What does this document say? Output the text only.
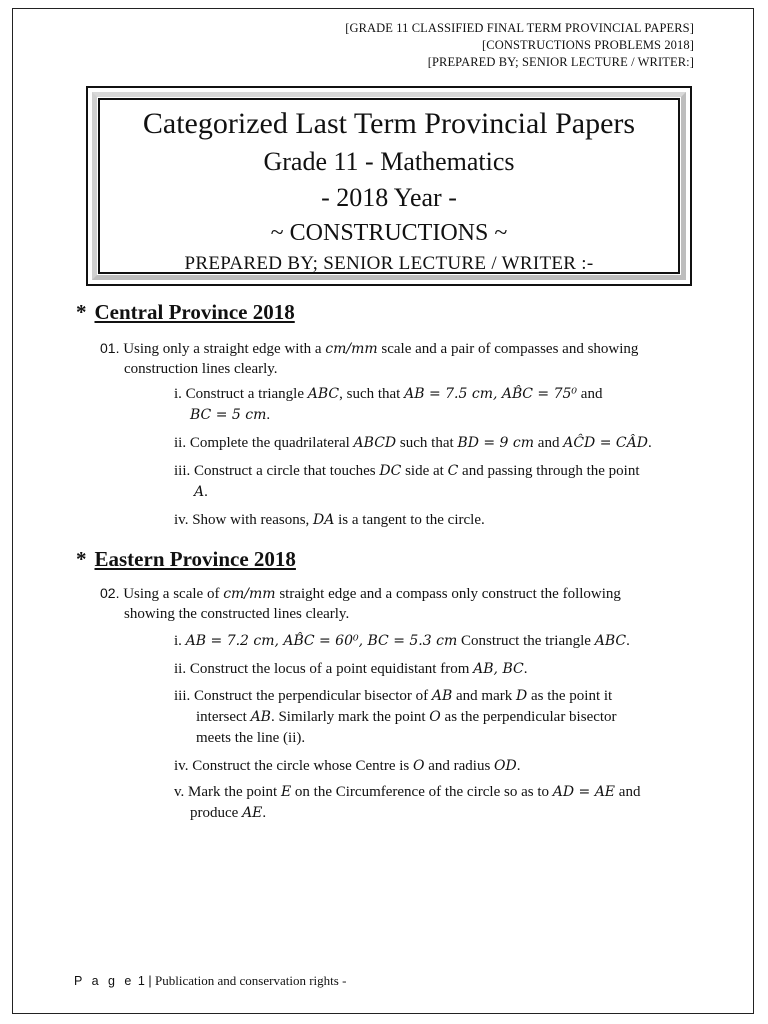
[GRADE 11 CLASSIFIED FINAL TERM PROVINCIAL PAPERS]
[CONSTRUCTIONS PROBLEMS 2018]
[PREPARED BY; SENIOR LECTURE / WRITER:]
Categorized Last Term Provincial Papers
Grade 11 - Mathematics
- 2018 Year -
~ CONSTRUCTIONS ~
PREPARED BY; SENIOR LECTURE / WRITER :-
* Central Province 2018
01. Using only a straight edge with a cm/mm scale and a pair of compasses and showing
construction lines clearly.
i. Construct a triangle ABC, such that AB = 7.5 cm, AB̂C = 75⁰ and
BC = 5 cm.
ii. Complete the quadrilateral ABCD such that BD = 9 cm and AĈD = CÂD.
iii. Construct a circle that touches DC side at C and passing through the point
A.
iv. Show with reasons, DA is a tangent to the circle.
* Eastern Province 2018
02. Using a scale of cm/mm straight edge and a compass only construct the following
showing the constructed lines clearly.
i. AB = 7.2 cm, AB̂C = 60⁰, BC = 5.3 cm Construct the triangle ABC.
ii. Construct the locus of a point equidistant from AB, BC.
iii. Construct the perpendicular bisector of AB and mark D as the point it
intersect AB. Similarly mark the point O as the perpendicular bisector
meets the line (ii).
iv. Construct the circle whose Centre is O and radius OD.
v. Mark the point E on the Circumference of the circle so as to AD = AE and
produce AE.
P a g e 1 | Publication and conservation rights -
